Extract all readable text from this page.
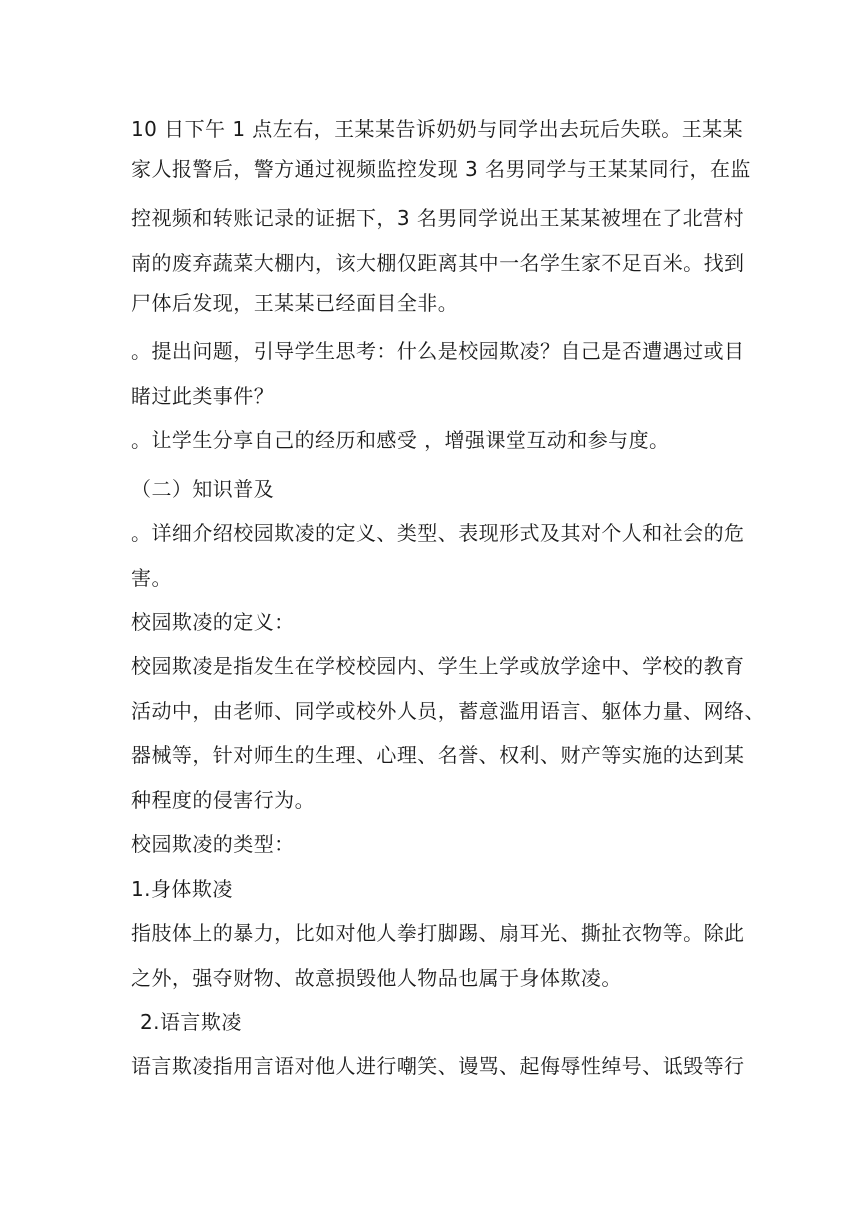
10 日下午 1 点左右，王某某告诉奶奶与同学出去玩后失联。王某某
家人报警后，警方通过视频监控发现 3 名男同学与王某某同行，在监
控视频和转账记录的证据下，3 名男同学说出王某某被埋在了北营村
南的废弃蔬菜大棚内，该大棚仅距离其中一名学生家不足百米。找到
尸体后发现，王某某已经面目全非。
。提出问题，引导学生思考：什么是校园欺凌？自己是否遭遇过或目
睹过此类事件？
。让学生分享自己的经历和感受 ，增强课堂互动和参与度。
（二）知识普及
。详细介绍校园欺凌的定义、类型、表现形式及其对个人和社会的危
害。
校园欺凌的定义：
校园欺凌是指发生在学校校园内、学生上学或放学途中、学校的教育
活动中，由老师、同学或校外人员，蓄意滥用语言、躯体力量、网络、
器械等，针对师生的生理、心理、名誉、权利、财产等实施的达到某
种程度的侵害行为。
校园欺凌的类型：
1.身体欺凌
指肢体上的暴力，比如对他人拳打脚踢、扇耳光、撕扯衣物等。除此
之外，强夺财物、故意损毁他人物品也属于身体欺凌。
2.语言欺凌
语言欺凌指用言语对他人进行嘲笑、谩骂、起侮辱性绰号、诋毁等行
